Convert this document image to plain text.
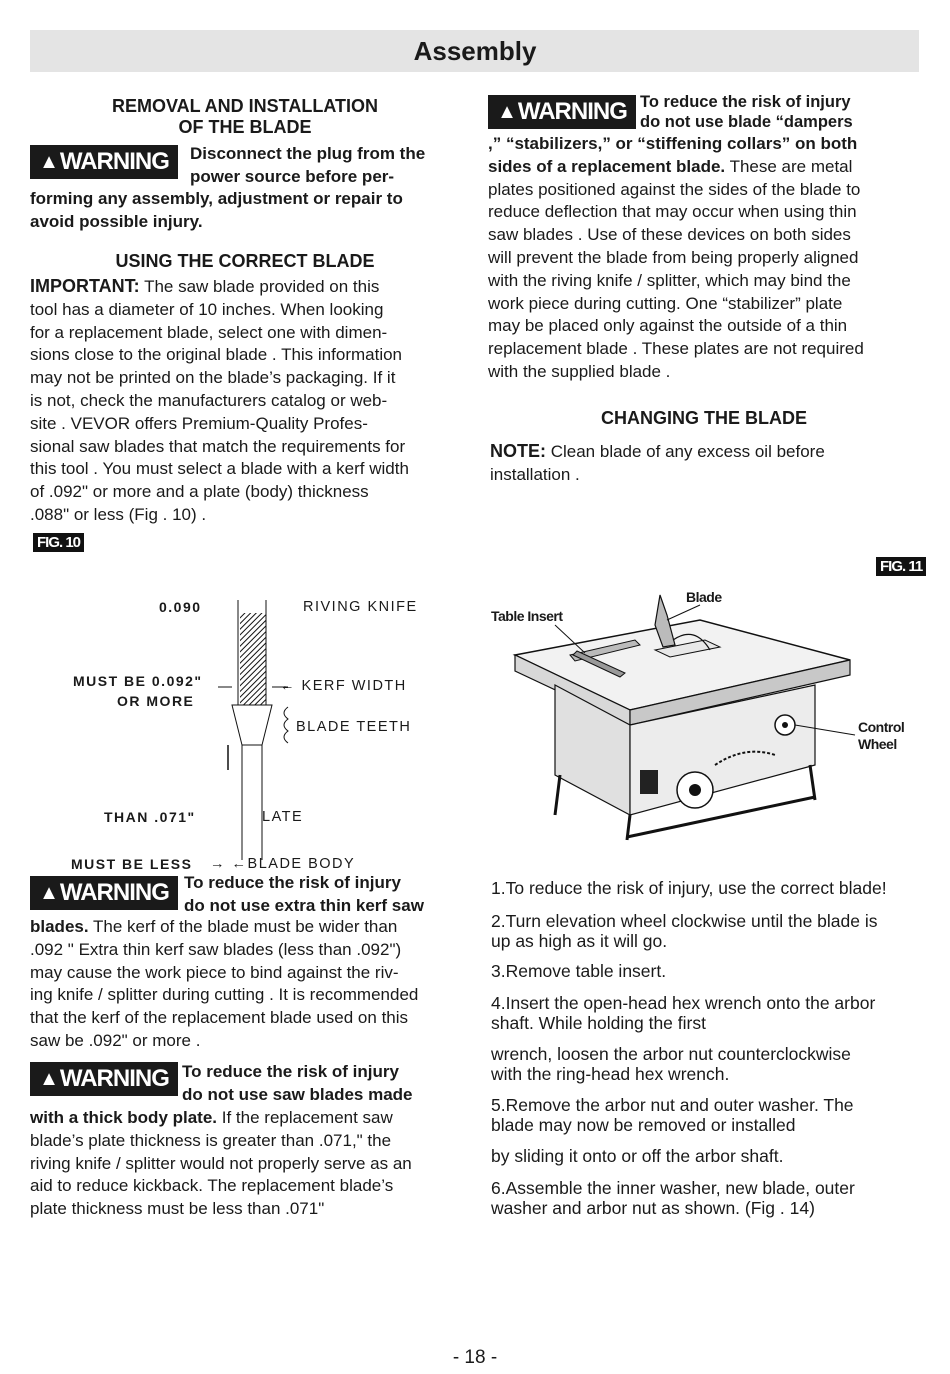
Assembly
REMOVAL AND INSTALLATION
OF THE BLADE
▲ WARNING Disconnect the plug from the
power source before per-
forming any assembly, adjustment or repair to
avoid possible injury.
USING THE CORRECT BLADE
IMPORTANT: The saw blade provided on this
tool has a diameter of 10 inches. When looking
for a replacement blade, select one with dimen-
sions close to the original blade . This information
may not be printed on the blade’s packaging. If it
is not, check the manufacturers catalog or web-
site . VEVOR offers Premium-Quality Profes-
sional saw blades that match the requirements for
this tool . You must select a blade with a kerf width
of .092" or more and a plate (body) thickness
.088" or less (Fig . 10) .
FIG. 10
0.090	RIVING KNIFE
MUST BE 0.092"
OR MORE
← KERF WIDTH
BLADE TEETH
THAN .071"	LATE
MUST BE LESS → ←BLADE BODY
▲ WARNING To reduce the risk of injury
do not use extra thin kerf saw
blades. The kerf of the blade must be wider than
.092 " Extra thin kerf saw blades (less than .092")
may cause the work piece to bind against the riv-
ing knife / splitter during cutting . It is recommended
that the kerf of the replacement blade used on this
saw be .092" or more .
▲ WARNING To reduce the risk of injury
do not use saw blades made
with a thick body plate. If the replacement saw
blade’s plate thickness is greater than .071," the
riving knife / splitter would not properly serve as an
aid to reduce kickback. The replacement blade’s
plate thickness must be less than .071"
▲ WARNING To reduce the risk of injury
do not use blade “dampers
,” “stabilizers,” or “stiffening collars” on both
sides of a replacement blade. These are metal
plates positioned against the sides of the blade to
reduce deflection that may occur when using thin
saw blades . Use of these devices on both sides
will prevent the blade from being properly aligned
with the riving knife / splitter, which may bind the
work piece during cutting. One “stabilizer” plate
may be placed only against the outside of a thin
replacement blade . These plates are not required
with the supplied blade .
CHANGING THE BLADE
NOTE: Clean blade of any excess oil before
installation .
FIG. 11
Blade
Table Insert
Control
Wheel
1.To reduce the risk of injury, use the correct blade!
2.Turn elevation wheel clockwise until the blade is
up as high as it will go.
3.Remove table insert.
4.Insert the open-head hex wrench onto the arbor
shaft. While holding the first
wrench, loosen the arbor nut counterclockwise
with the ring-head hex wrench.
5.Remove the arbor nut and outer washer. The
blade may now be removed or installed
by sliding it onto or off the arbor shaft.
6.Assemble the inner washer, new blade, outer
washer and arbor nut as shown. (Fig . 14)
- 18 -
